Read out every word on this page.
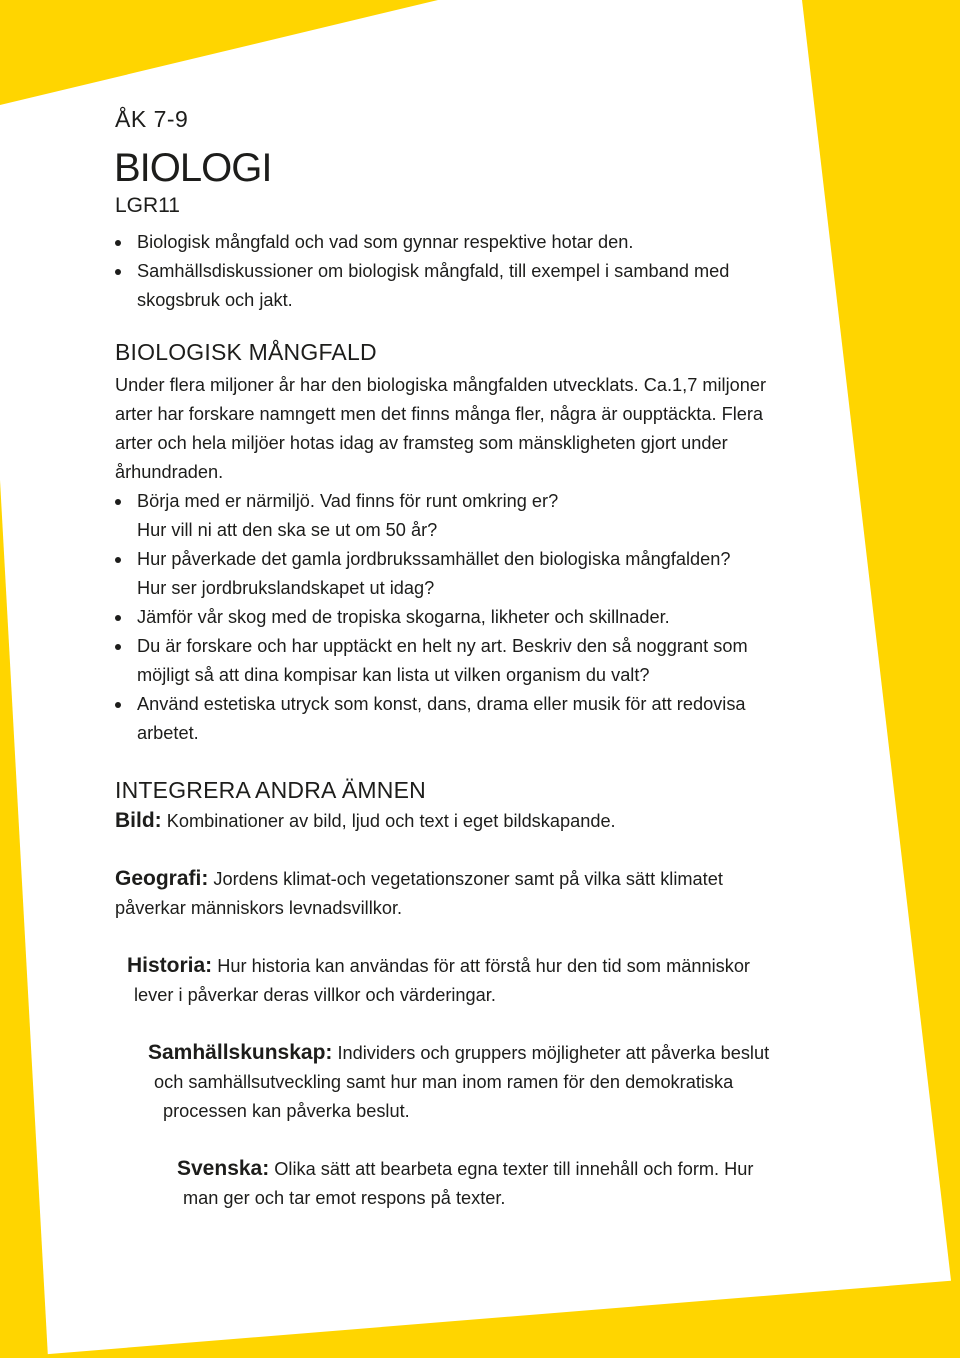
ÅK 7-9
BIOLOGI
LGR11
Biologisk mångfald och vad som gynnar respektive hotar den.
Samhällsdiskussioner om biologisk mångfald, till exempel i samband med skogsbruk och jakt.
BIOLOGISK MÅNGFALD
Under flera miljoner år har den biologiska mångfalden utvecklats. Ca.1,7 miljoner
arter har forskare namngett men det finns många fler, några är oupptäckta. Flera
arter och hela miljöer hotas idag av framsteg som mänskligheten gjort under
århundraden.
Börja med er närmiljö. Vad finns för runt omkring er?
Hur vill ni att den ska se ut om 50 år?
Hur påverkade det gamla jordbrukssamhället den biologiska mångfalden?
Hur ser jordbrukslandskapet ut idag?
Jämför vår skog med de tropiska skogarna, likheter och skillnader.
Du är forskare och har upptäckt en helt ny art. Beskriv den så noggrant som
möjligt så att dina kompisar kan lista ut vilken organism du valt?
Använd estetiska utryck som konst, dans, drama eller musik för att redovisa
arbetet.
INTEGRERA ANDRA ÄMNEN
Bild: Kombinationer av bild, ljud och text i eget bildskapande.
Geografi: Jordens klimat-och vegetationszoner samt på vilka sätt klimatet
påverkar människors levnadsvillkor.
Historia: Hur historia kan användas för att förstå hur den tid som människor
lever i påverkar deras villkor och värderingar.
Samhällskunskap: Individers och gruppers möjligheter att påverka beslut
och samhällsutveckling samt hur man inom ramen för den demokratiska
processen kan påverka beslut.
Svenska: Olika sätt att bearbeta egna texter till innehåll och form. Hur
man ger och tar emot respons på texter.
